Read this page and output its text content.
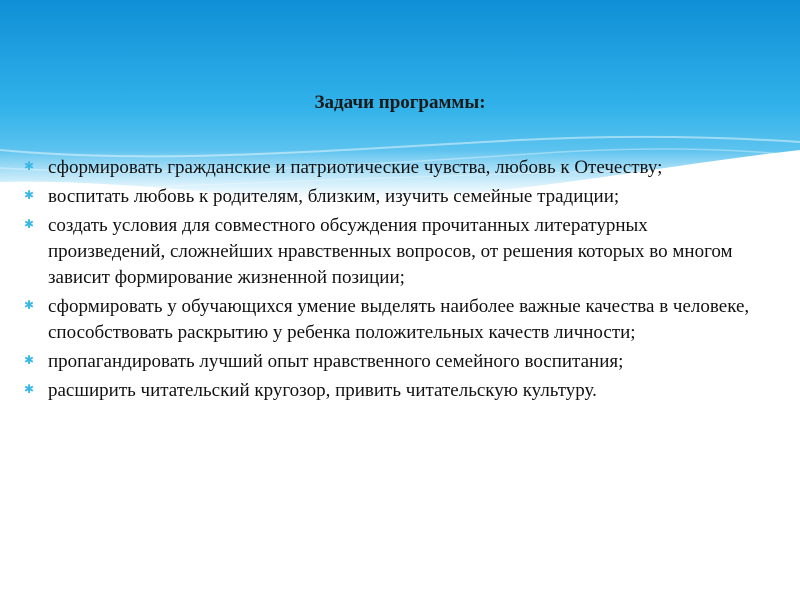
Задачи программы:
✱ сформировать гражданские и патриотические чувства, любовь к Отечеству;
✱ воспитать любовь к родителям, близким, изучить семейные традиции;
✱ создать условия для совместного обсуждения прочитанных литературных произведений, сложнейших нравственных вопросов, от решения которых во многом зависит формирование жизненной позиции;
✱ сформировать у обучающихся умение выделять наиболее важные качества в человеке, способствовать раскрытию у ребенка положительных качеств личности;
✱ пропагандировать лучший опыт нравственного семейного воспитания;
✱ расширить читательский кругозор, привить читательскую культуру.
